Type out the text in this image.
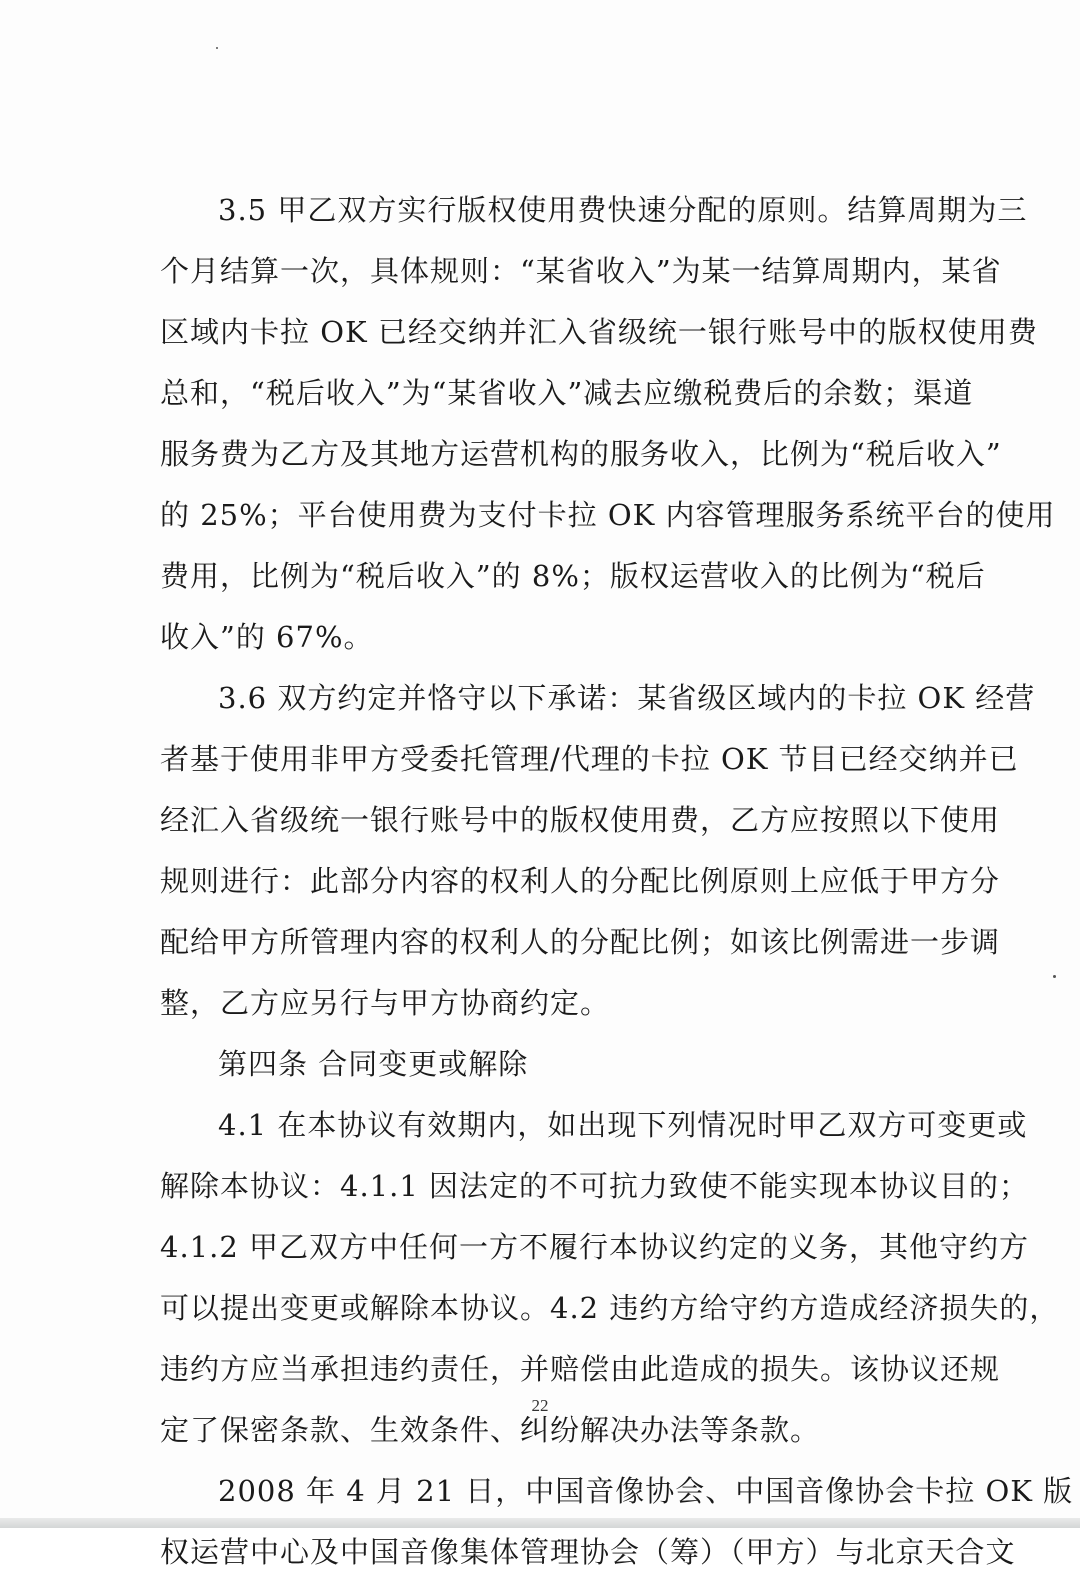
3.5 甲乙双方实行版权使用费快速分配的原则。结算周期为三
个月结算一次，具体规则：“某省收入”为某一结算周期内，某省
区域内卡拉 OK 已经交纳并汇入省级统一银行账号中的版权使用费
总和，“税后收入”为“某省收入”减去应缴税费后的余数；渠道
服务费为乙方及其地方运营机构的服务收入，比例为“税后收入”
的 25%；平台使用费为支付卡拉 OK 内容管理服务系统平台的使用
费用，比例为“税后收入”的 8%；版权运营收入的比例为“税后
收入”的 67%。
3.6 双方约定并恪守以下承诺：某省级区域内的卡拉 OK 经营
者基于使用非甲方受委托管理/代理的卡拉 OK 节目已经交纳并已
经汇入省级统一银行账号中的版权使用费，乙方应按照以下使用
规则进行：此部分内容的权利人的分配比例原则上应低于甲方分
配给甲方所管理内容的权利人的分配比例；如该比例需进一步调
整，乙方应另行与甲方协商约定。
第四条 合同变更或解除
4.1 在本协议有效期内，如出现下列情况时甲乙双方可变更或
解除本协议：4.1.1 因法定的不可抗力致使不能实现本协议目的；
4.1.2 甲乙双方中任何一方不履行本协议约定的义务，其他守约方
可以提出变更或解除本协议。4.2 违约方给守约方造成经济损失的，
违约方应当承担违约责任，并赔偿由此造成的损失。该协议还规
定了保密条款、生效条件、纠纷解决办法等条款。
2008 年 4 月 21 日，中国音像协会、中国音像协会卡拉 OK 版
权运营中心及中国音像集体管理协会（筹）（甲方）与北京天合文
22
